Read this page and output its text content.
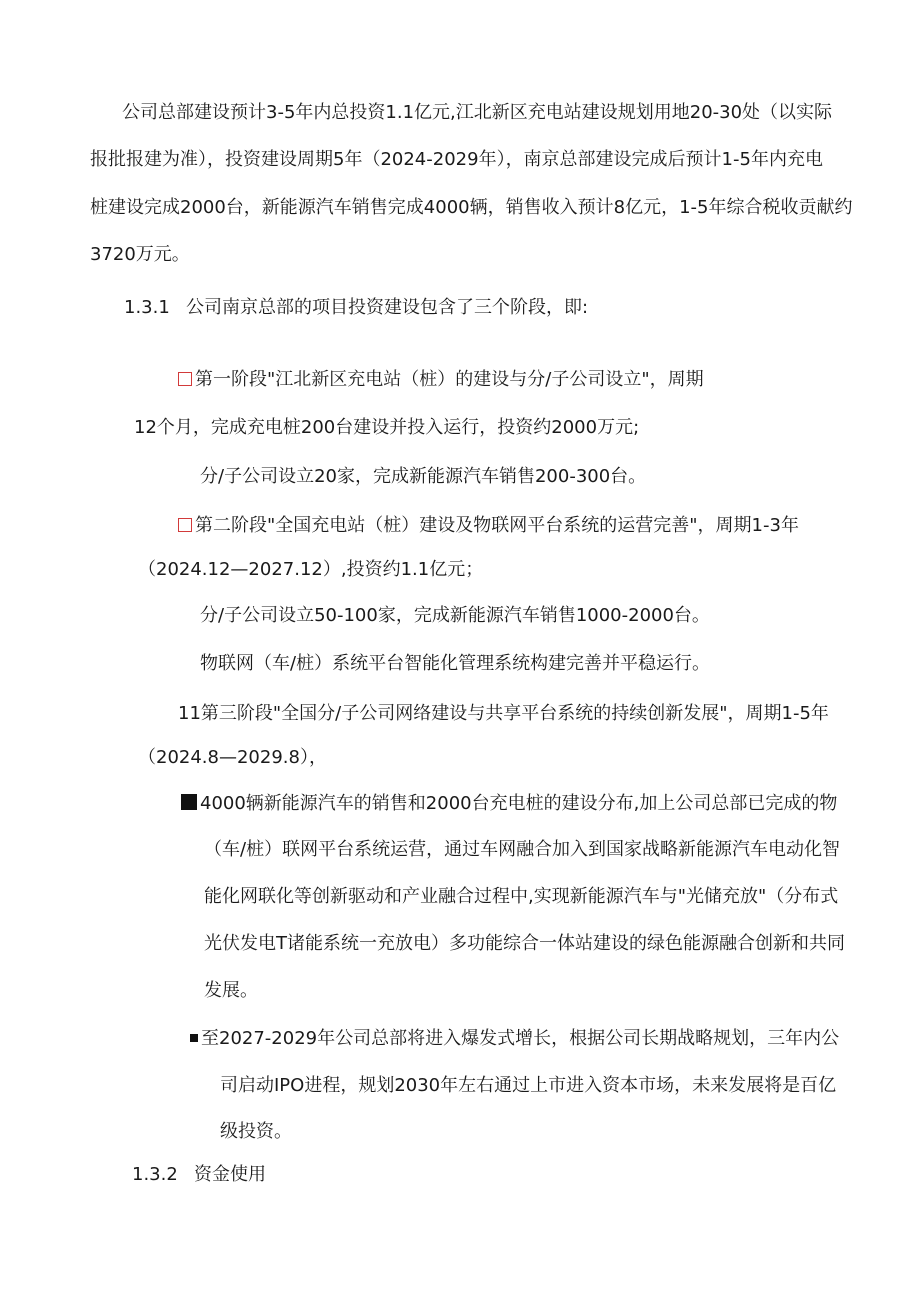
公司总部建设预计3-5年内总投资1.1亿元,江北新区充电站建设规划用地20-30处（以实际
报批报建为准），投资建设周期5年（2024-2029年），南京总部建设完成后预计1-5年内充电
桩建设完成2000台，新能源汽车销售完成4000辆，销售收入预计8亿元，1-5年综合税收贡献约
3720万元。
1.3.1 公司南京总部的项目投资建设包含了三个阶段，即:
第一阶段"江北新区充电站（桩）的建设与分/子公司设立"，周期
12个月，完成充电桩200台建设并投入运行，投资约2000万元;
分/子公司设立20家，完成新能源汽车销售200-300台。
第二阶段"全国充电站（桩）建设及物联网平台系统的运营完善"，周期1-3年
（2024.12—2027.12）,投资约1.1亿元；
分/子公司设立50-100家，完成新能源汽车销售1000-2000台。
物联网（车/桩）系统平台智能化管理系统构建完善并平稳运行。
11第三阶段"全国分/子公司网络建设与共享平台系统的持续创新发展"，周期1-5年
（2024.8—2029.8），
4000辆新能源汽车的销售和2000台充电桩的建设分布,加上公司总部已完成的物
（车/桩）联网平台系统运营，通过车网融合加入到国家战略新能源汽车电动化智
能化网联化等创新驱动和产业融合过程中,实现新能源汽车与"光储充放"（分布式
光伏发电T诸能系统一充放电）多功能综合一体站建设的绿色能源融合创新和共同
发展。
至2027-2029年公司总部将进入爆发式增长，根据公司长期战略规划，三年内公
司启动IPO进程，规划2030年左右通过上市进入资本市场，未来发展将是百亿
级投资。
1.3.2 资金使用
